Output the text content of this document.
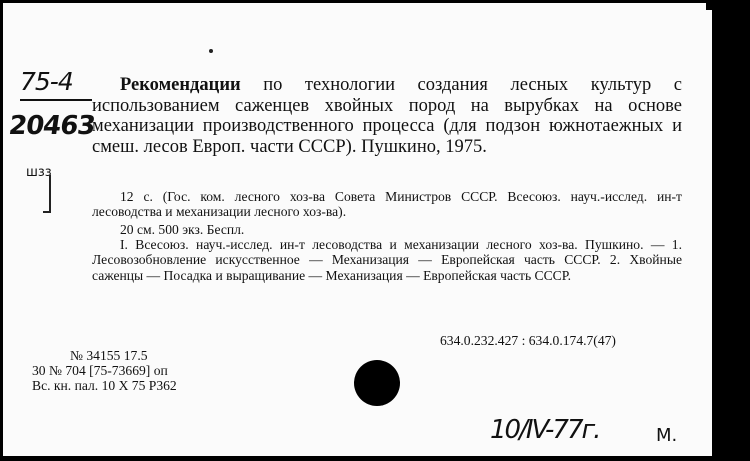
75-4
20463
шзз

Рекомендации по технологии создания лесных культур с использованием саженцев хвойных пород на вырубках на основе механизации производственного процесса (для подзон южнотаежных и смеш. лесов Европ. части СССР). Пушкино, 1975.

12 с. (Гос. ком. лесного хоз-ва Совета Министров СССР. Всесоюз. науч.-исслед. ин-т лесоводства и механизации лесного хоз-ва).

20 см. 500 экз. Беспл.

I. Всесоюз. науч.-исслед. ин-т лесоводства и механизации лесного хоз-ва. Пушкино. — 1. Лесовозобновление искусственное — Механизация — Европейская часть СССР. 2. Хвойные саженцы — Посадка и выращивание — Механизация — Европейская часть СССР.

634.0.232.427 : 634.0.174.7(47)
№ 34155 17.5
30 № 704 [75-73669] оп
Вс. кн. пал. 10 X 75 P362
10/IV-77г.	М.
